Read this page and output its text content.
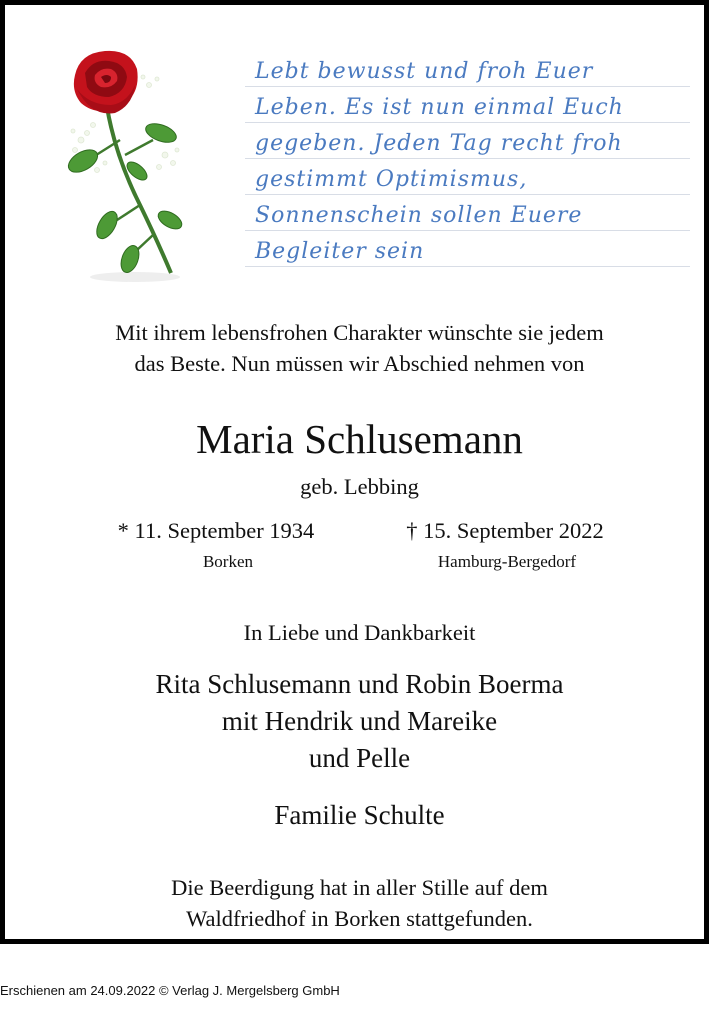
Lebt bewusst und froh Euer
Leben. Es ist nun einmal Euch
gegeben. Jeden Tag recht froh
gestimmt Optimismus,
Sonnenschein sollen Euere
Begleiter sein
Mit ihrem lebensfrohen Charakter wünschte sie jedem
das Beste. Nun müssen wir Abschied nehmen von
Maria Schlusemann
geb. Lebbing
* 11. September 1934	† 15. September 2022
Borken	Hamburg-Bergedorf
In Liebe und Dankbarkeit
Rita Schlusemann und Robin Boerma
mit Hendrik und Mareike
und Pelle
Familie Schulte
Die Beerdigung hat in aller Stille auf dem
Waldfriedhof in Borken stattgefunden.
Erschienen am 24.09.2022 © Verlag J. Mergelsberg GmbH
